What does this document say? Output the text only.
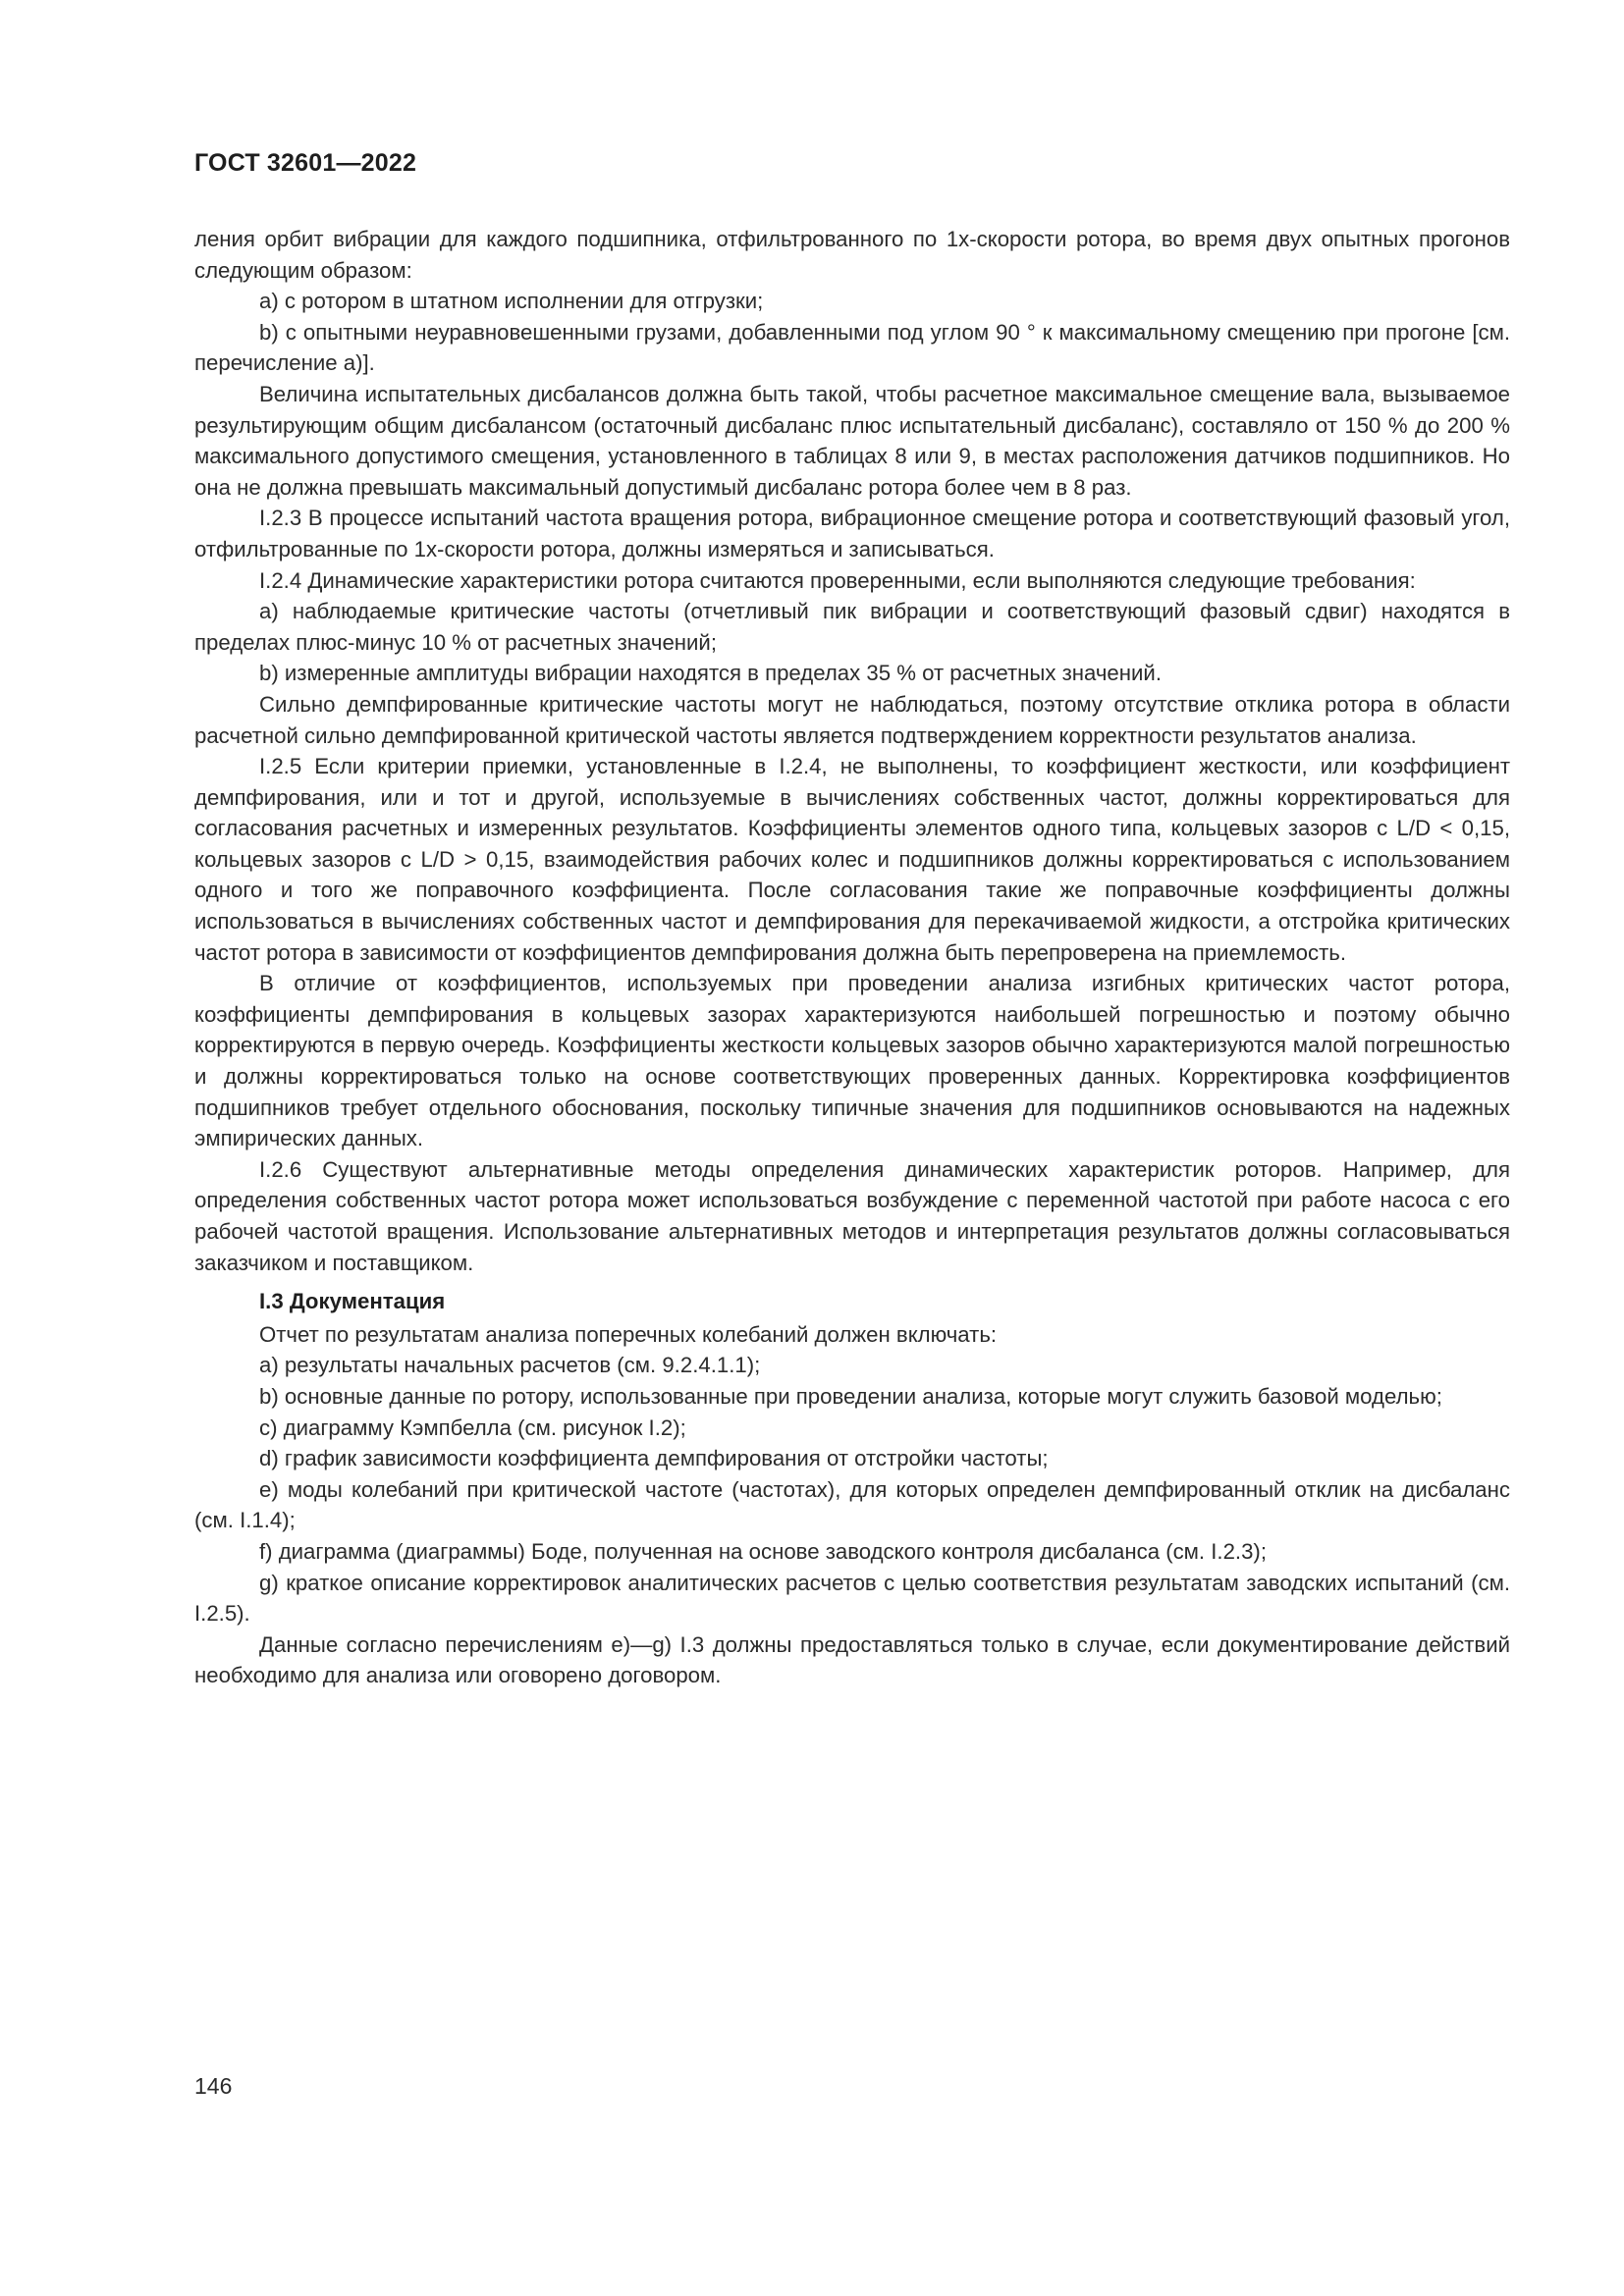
ГОСТ 32601—2022

ления орбит вибрации для каждого подшипника, отфильтрованного по 1x-скорости ротора, во время двух опытных прогонов следующим образом:

a) с ротором в штатном исполнении для отгрузки;

b) с опытными неуравновешенными грузами, добавленными под углом 90 ° к максимальному смещению при прогоне [см. перечисление a)].

Величина испытательных дисбалансов должна быть такой, чтобы расчетное максимальное смещение вала, вызываемое результирующим общим дисбалансом (остаточный дисбаланс плюс испытательный дисбаланс), составляло от 150 % до 200 % максимального допустимого смещения, установленного в таблицах 8 или 9, в местах расположения датчиков подшипников. Но она не должна превышать максимальный допустимый дисбаланс ротора более чем в 8 раз.

I.2.3 В процессе испытаний частота вращения ротора, вибрационное смещение ротора и соответствующий фазовый угол, отфильтрованные по 1x-скорости ротора, должны измеряться и записываться.

I.2.4 Динамические характеристики ротора считаются проверенными, если выполняются следующие требования:

a) наблюдаемые критические частоты (отчетливый пик вибрации и соответствующий фазовый сдвиг) находятся в пределах плюс-минус 10 % от расчетных значений;

b) измеренные амплитуды вибрации находятся в пределах 35 % от расчетных значений.

Сильно демпфированные критические частоты могут не наблюдаться, поэтому отсутствие отклика ротора в области расчетной сильно демпфированной критической частоты является подтверждением корректности результатов анализа.

I.2.5 Если критерии приемки, установленные в I.2.4, не выполнены, то коэффициент жесткости, или коэффициент демпфирования, или и тот и другой, используемые в вычислениях собственных частот, должны корректироваться для согласования расчетных и измеренных результатов. Коэффициенты элементов одного типа, кольцевых зазоров с L/D < 0,15, кольцевых зазоров с L/D > 0,15, взаимодействия рабочих колес и подшипников должны корректироваться с использованием одного и того же поправочного коэффициента. После согласования такие же поправочные коэффициенты должны использоваться в вычислениях собственных частот и демпфирования для перекачиваемой жидкости, а отстройка критических частот ротора в зависимости от коэффициентов демпфирования должна быть перепроверена на приемлемость.

В отличие от коэффициентов, используемых при проведении анализа изгибных критических частот ротора, коэффициенты демпфирования в кольцевых зазорах характеризуются наибольшей погрешностью и поэтому обычно корректируются в первую очередь. Коэффициенты жесткости кольцевых зазоров обычно характеризуются малой погрешностью и должны корректироваться только на основе соответствующих проверенных данных. Корректировка коэффициентов подшипников требует отдельного обоснования, поскольку типичные значения для подшипников основываются на надежных эмпирических данных.

I.2.6 Существуют альтернативные методы определения динамических характеристик роторов. Например, для определения собственных частот ротора может использоваться возбуждение с переменной частотой при работе насоса с его рабочей частотой вращения. Использование альтернативных методов и интерпретация результатов должны согласовываться заказчиком и поставщиком.

I.3 Документация

Отчет по результатам анализа поперечных колебаний должен включать:

a) результаты начальных расчетов (см. 9.2.4.1.1);

b) основные данные по ротору, использованные при проведении анализа, которые могут служить базовой моделью;

c) диаграмму Кэмпбелла (см. рисунок I.2);

d) график зависимости коэффициента демпфирования от отстройки частоты;

e) моды колебаний при критической частоте (частотах), для которых определен демпфированный отклик на дисбаланс (см. I.1.4);

f) диаграмма (диаграммы) Боде, полученная на основе заводского контроля дисбаланса (см. I.2.3);

g) краткое описание корректировок аналитических расчетов с целью соответствия результатам заводских испытаний (см. I.2.5).

Данные согласно перечислениям e)—g) I.3 должны предоставляться только в случае, если документирование действий необходимо для анализа или оговорено договором.

146
